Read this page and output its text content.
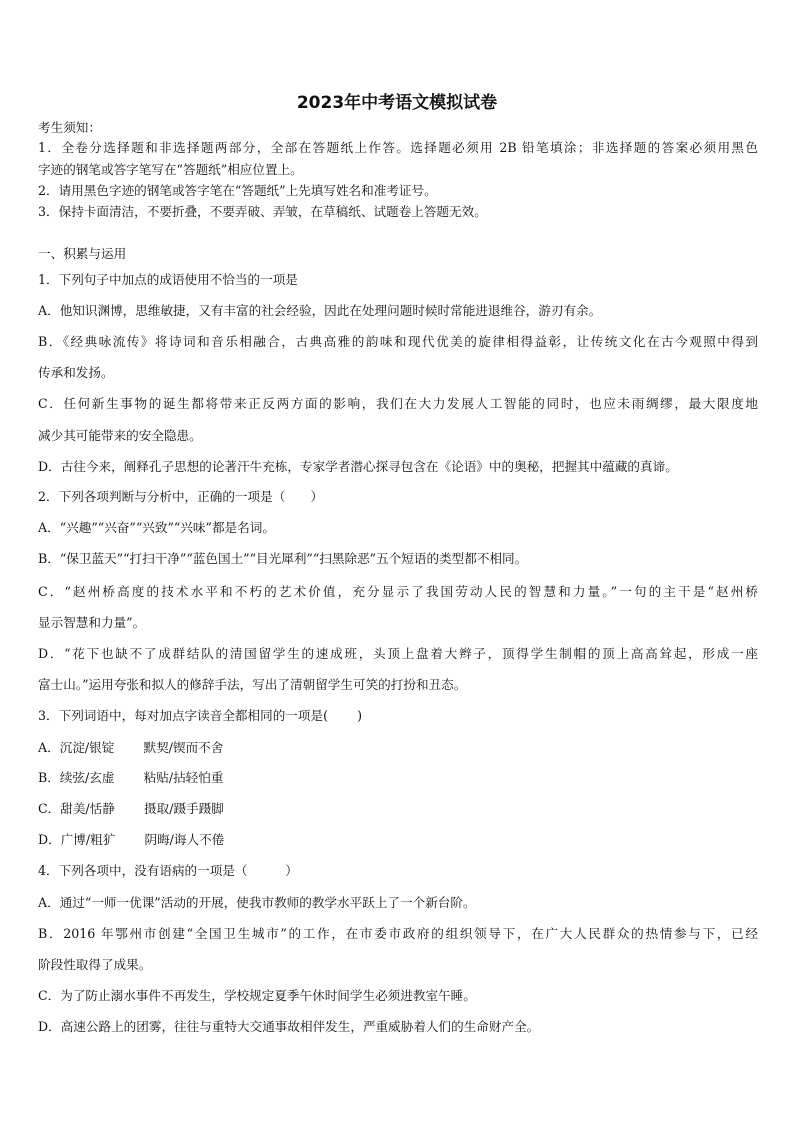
2023年中考语文模拟试卷
考生须知：
1．全卷分选择题和非选择题两部分，全部在答题纸上作答。选择题必须用 2B 铅笔填涂；非选择题的答案必须用黑色
字迹的钢笔或答字笔写在“答题纸”相应位置上。
2．请用黑色字迹的钢笔或答字笔在“答题纸”上先填写姓名和准考证号。
3．保持卡面清洁，不要折叠，不要弄破、弄皱，在草稿纸、试题卷上答题无效。
一、积累与运用
1．下列句子中加点的成语使用不恰当的一项是
A．他知识渊博，思维敏捷，又有丰富的社会经验，因此在处理问题时候时常能进退维谷，游刃有余。
B．《经典咏流传》将诗词和音乐相融合，古典高雅的韵味和现代优美的旋律相得益彰，让传统文化在古今观照中得到
传承和发扬。
C．任何新生事物的诞生都将带来正反两方面的影响，我们在大力发展人工智能的同时，也应未雨绸缪，最大限度地
减少其可能带来的安全隐患。
D．古往今来，阐释孔子思想的论著汗牛充栋，专家学者潜心探寻包含在《论语》中的奥秘，把握其中蕴藏的真谛。
2．下列各项判断与分析中，正确的一项是（　　）
A．“兴趣”“兴奋”“兴致”“兴味”都是名词。
B．“保卫蓝天”“打扫干净”“蓝色国土”“目光犀利”“扫黑除恶”五个短语的类型都不相同。
C．“赵州桥高度的技术水平和不朽的艺术价值，充分显示了我国劳动人民的智慧和力量。”一句的主干是“赵州桥
显示智慧和力量”。
D．“花下也缺不了成群结队的清国留学生的速成班，头顶上盘着大辫子，顶得学生制帽的顶上高高耸起，形成一座
富士山。”运用夸张和拟人的修辞手法，写出了清朝留学生可笑的打扮和丑态。
3．下列词语中，每对加点字读音全都相同的一项是(　　 )
A．沉淀/银锭　　 默契/锲而不舍
B．续弦/玄虚　　 粘贴/拈轻怕重
C．甜美/恬静　　 摄取/蹑手蹑脚
D．广博/粗犷　　 阴晦/诲人不倦
4．下列各项中，没有语病的一项是（　　　）
A．通过“一师一优课”活动的开展，使我市教师的教学水平跃上了一个新台阶。
B．2016 年鄂州市创建“全国卫生城市”的工作，在市委市政府的组织领导下，在广大人民群众的热情参与下，已经
阶段性取得了成果。
C．为了防止溺水事件不再发生，学校规定夏季午休时间学生必须进教室午睡。
D．高速公路上的团雾，往往与重特大交通事故相伴发生，严重威胁着人们的生命财产全。
